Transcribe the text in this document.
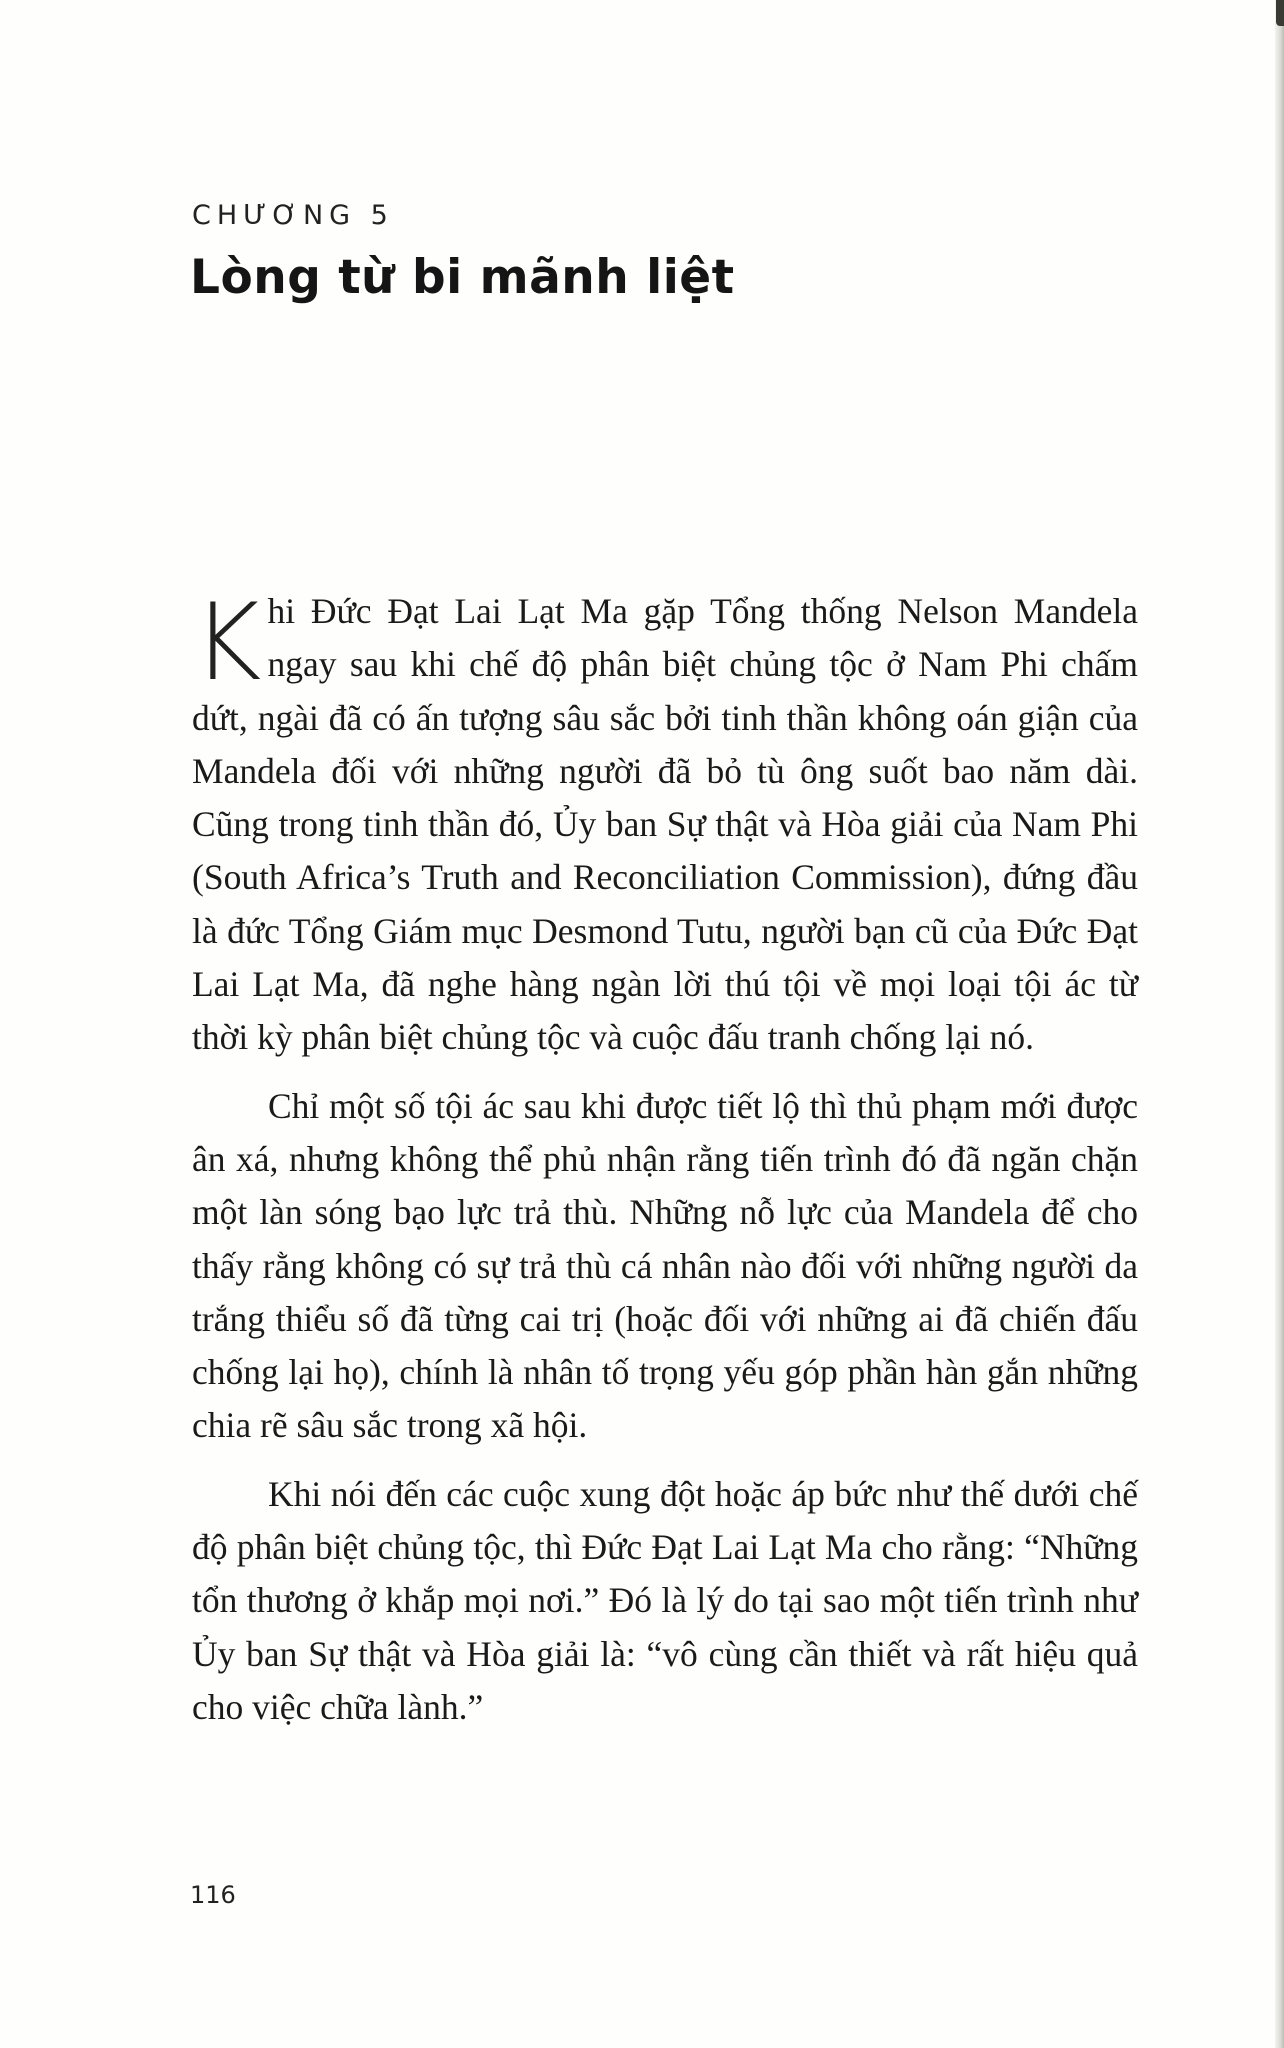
CHƯƠNG 5
Lòng từ bi mãnh liệt

Khi Đức Đạt Lai Lạt Ma gặp Tổng thống Nelson Mandela ngay sau khi chế độ phân biệt chủng tộc ở Nam Phi chấm dứt, ngài đã có ấn tượng sâu sắc bởi tinh thần không oán giận của Mandela đối với những người đã bỏ tù ông suốt bao năm dài. Cũng trong tinh thần đó, Ủy ban Sự thật và Hòa giải của Nam Phi (South Africa’s Truth and Reconciliation Commission), đứng đầu là đức Tổng Giám mục Desmond Tutu, người bạn cũ của Đức Đạt Lai Lạt Ma, đã nghe hàng ngàn lời thú tội về mọi loại tội ác từ thời kỳ phân biệt chủng tộc và cuộc đấu tranh chống lại nó.

Chỉ một số tội ác sau khi được tiết lộ thì thủ phạm mới được ân xá, nhưng không thể phủ nhận rằng tiến trình đó đã ngăn chặn một làn sóng bạo lực trả thù. Những nỗ lực của Mandela để cho thấy rằng không có sự trả thù cá nhân nào đối với những người da trắng thiểu số đã từng cai trị (hoặc đối với những ai đã chiến đấu chống lại họ), chính là nhân tố trọng yếu góp phần hàn gắn những chia rẽ sâu sắc trong xã hội.

Khi nói đến các cuộc xung đột hoặc áp bức như thế dưới chế độ phân biệt chủng tộc, thì Đức Đạt Lai Lạt Ma cho rằng: “Những tổn thương ở khắp mọi nơi.” Đó là lý do tại sao một tiến trình như Ủy ban Sự thật và Hòa giải là: “vô cùng cần thiết và rất hiệu quả cho việc chữa lành.”

116
